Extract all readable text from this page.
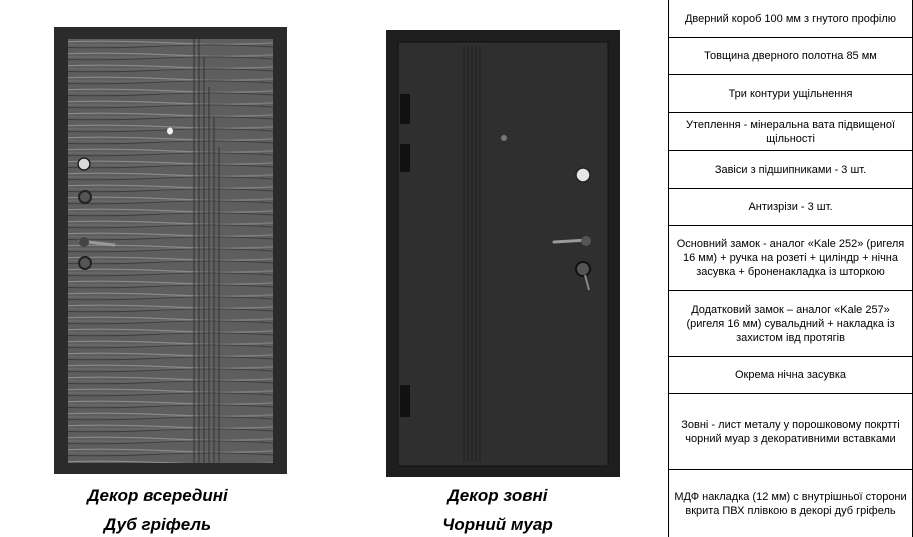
Декор всередині
Дуб гріфель
Декор зовні
Чорний муар
Дверний короб 100 мм з гнутого профілю
Товщина дверного полотна 85 мм
Три контури ущільнення
Утеплення - мінеральна вата підвищеної щільності
Завіси з підшипниками - 3 шт.
Антизрізи - 3 шт.
Основний замок - аналог «Kale 252» (ригеля 16 мм) + ручка на розеті + циліндр + нічна засувка + броненакладка із шторкою
Додатковий замок – аналог «Kale 257» (ригеля 16 мм) сувальдний + накладка із захистом івд протягів
Окрема нічна засувка
Зовні - лист металу у порошковому покртті чорний муар з декоративними вставками
МДФ накладка (12 мм) с внутрішньої сторони вкрита ПВХ плівкою в декорі дуб гріфель
